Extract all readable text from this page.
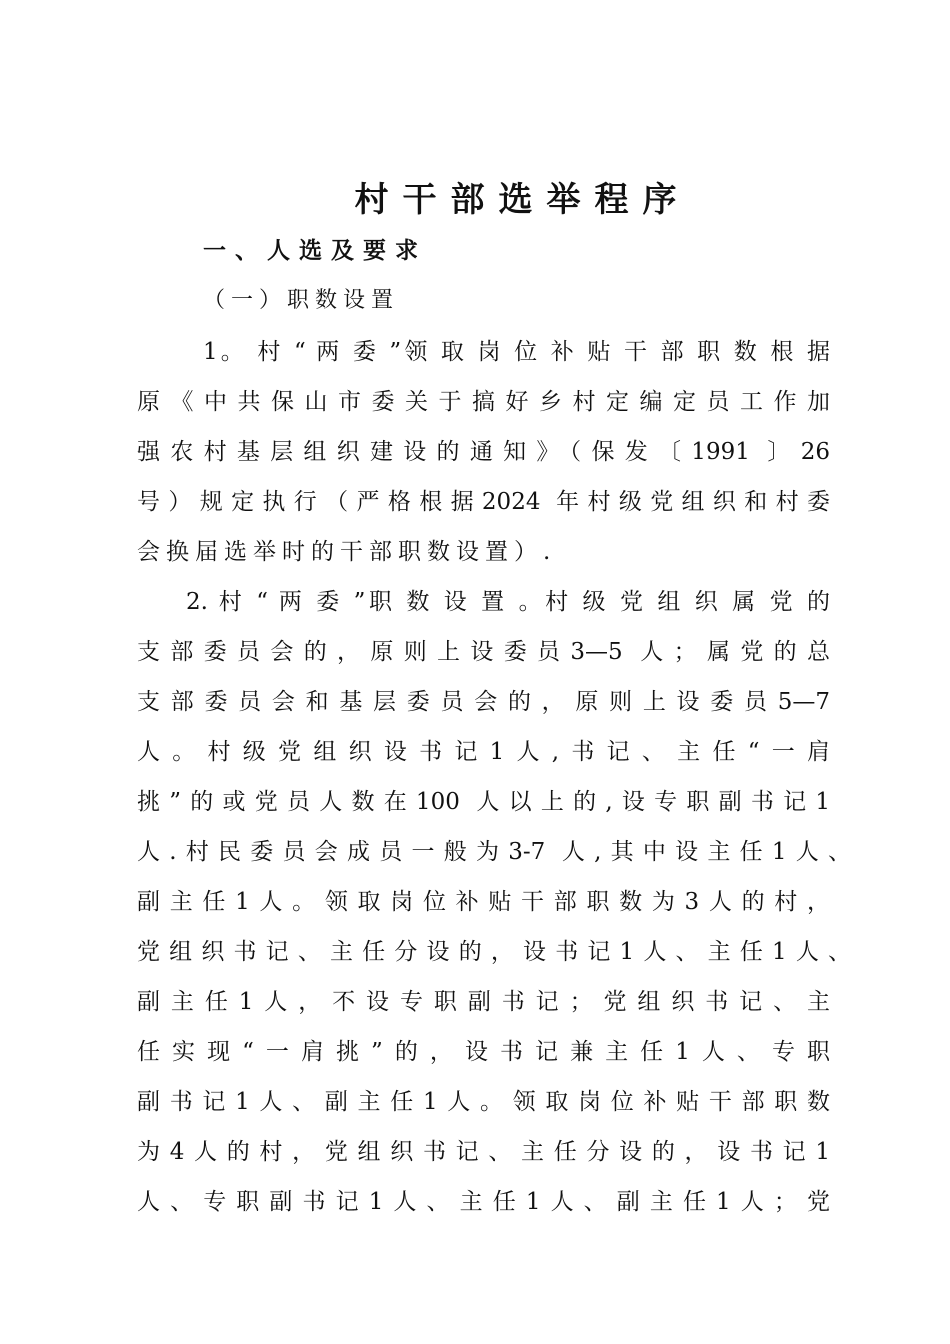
村干部选举程序
一、人选及要求
（一）职数设置
1。 村 “ 两 委 ”领 取 岗 位 补 贴 干 部 职 数 根 据
原《中共保山市委关于搞好乡村定编定员工作加
强农村基层组织建设的通知》（保发〔1991 〕26
号）规定执行（严格根据2024 年村级党组织和村委
会换届选举时的干部职数设置）.
2. 村 “ 两 委 ”职 数 设 置 。村 级 党 组 织 属 党 的
支部委员会的，原则上设委员3—5 人；属党的总
支部委员会和基层委员会的，原则上设委员5—7
人。村级党组织设书记1人,书记、主任“一肩
挑”的或党员人数在100 人以上的,设专职副书记1
人.村民委员会成员一般为3-7 人,其中设主任1人、
副主任1人。领取岗位补贴干部职数为3人的村，
党组织书记、主任分设的，设书记1人、主任1人、
副主任1人，不设专职副书记；党组织书记、主
任实现“一肩挑”的，设书记兼主任1人、专职
副书记1人、副主任1人。领取岗位补贴干部职数
为4人的村，党组织书记、主任分设的，设书记1
人、专职副书记1人、主任1人、副主任1人；党
